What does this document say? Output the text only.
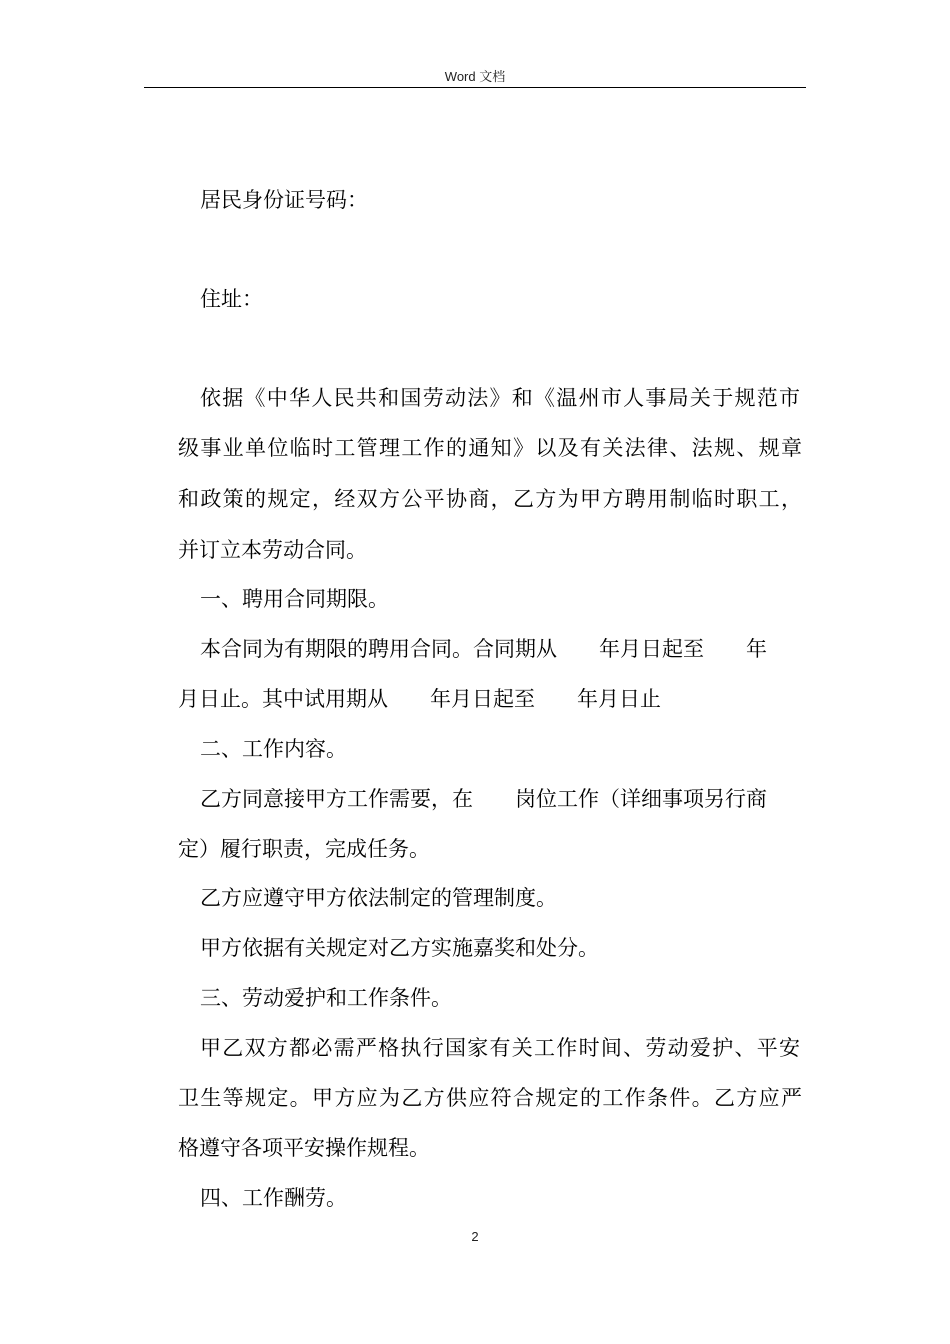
Word 文档
居民身份证号码：
住址：
依据《中华人民共和国劳动法》和《温州市人事局关于规范市
级事业单位临时工管理工作的通知》以及有关法律、法规、规章
和政策的规定，经双方公平协商，乙方为甲方聘用制临时职工，
并订立本劳动合同。
一、聘用合同期限。
本合同为有期限的聘用合同。合同期从 年月日起至 年
月日止。其中试用期从 年月日起至 年月日止
二、工作内容。
乙方同意接甲方工作需要，在 岗位工作（详细事项另行商
定）履行职责，完成任务。
乙方应遵守甲方依法制定的管理制度。
甲方依据有关规定对乙方实施嘉奖和处分。
三、劳动爱护和工作条件。
甲乙双方都必需严格执行国家有关工作时间、劳动爱护、平安
卫生等规定。甲方应为乙方供应符合规定的工作条件。乙方应严
格遵守各项平安操作规程。
四、工作酬劳。
2
